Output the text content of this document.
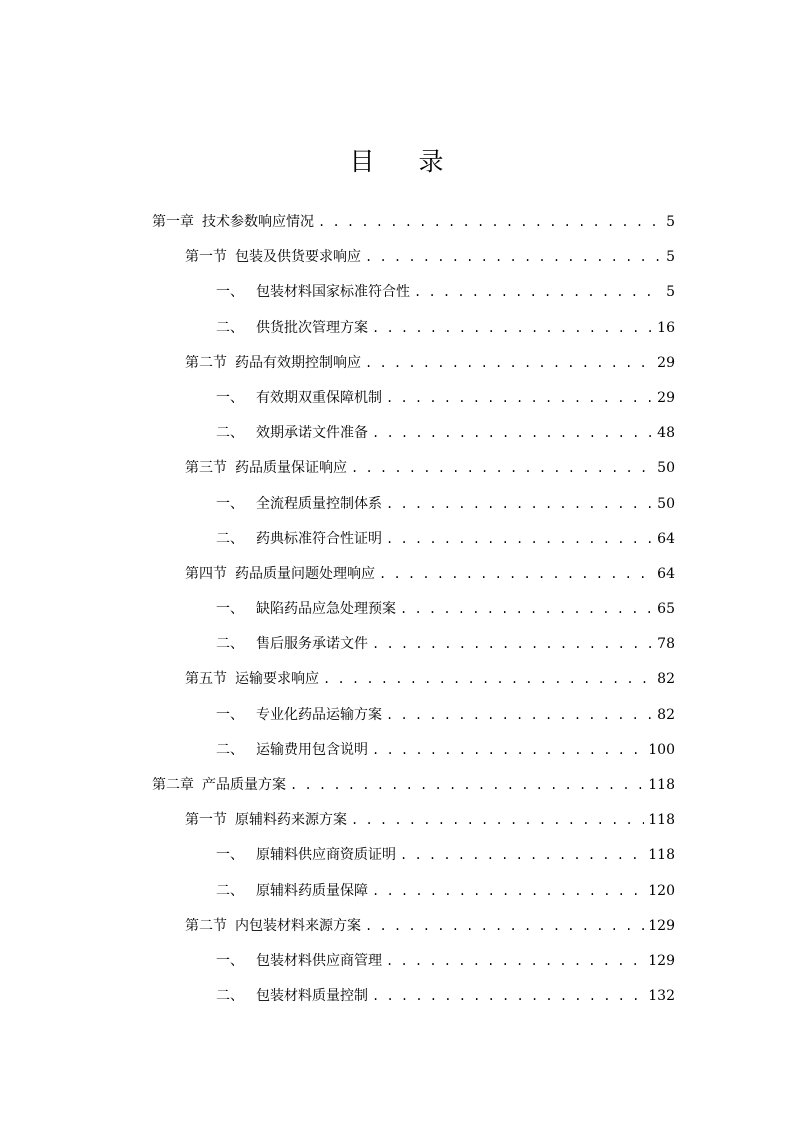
目 录
第一章 技术参数响应情况 . . .	5
第一节 包装及供货要求响应 . . .	5
一、 包装材料国家标准符合性 . . .	5
二、 供货批次管理方案 . . .	16
第二节 药品有效期控制响应 . . .	29
一、 有效期双重保障机制 . . .	29
二、 效期承诺文件准备 . . .	48
第三节 药品质量保证响应 . . .	50
一、 全流程质量控制体系 . . .	50
二、 药典标准符合性证明 . . .	64
第四节 药品质量问题处理响应 . . .	64
一、 缺陷药品应急处理预案 . . .	65
二、 售后服务承诺文件 . . .	78
第五节 运输要求响应 . . .	82
一、 专业化药品运输方案 . . .	82
二、 运输费用包含说明 . . .	100
第二章 产品质量方案 . . .	118
第一节 原辅料药来源方案 . . .	118
一、 原辅料供应商资质证明 . . .	118
二、 原辅料药质量保障 . . .	120
第二节 内包装材料来源方案 . . .	129
一、 包装材料供应商管理 . . .	129
二、 包装材料质量控制 . . .	132
